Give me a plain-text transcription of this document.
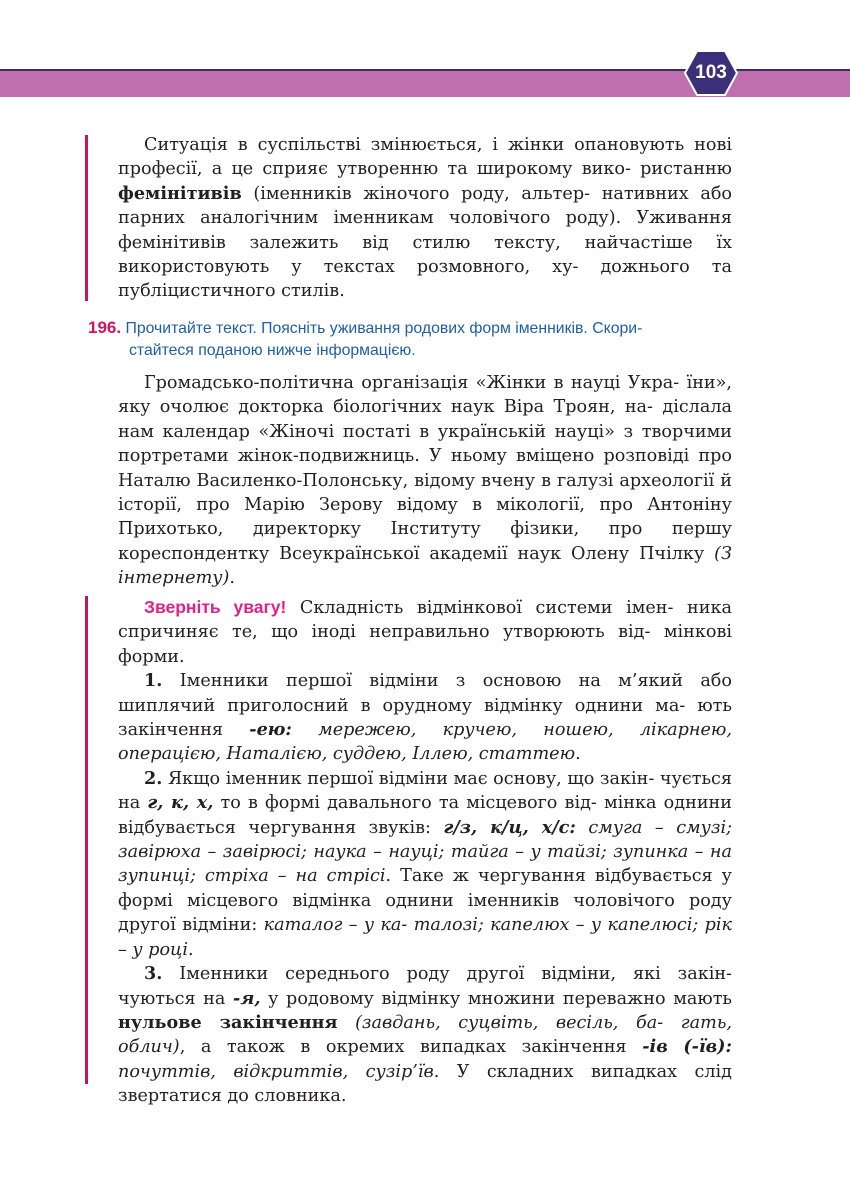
103

Ситуація в суспільстві змінюється, і жінки опановують нові професії, а це сприяє утворенню та широкому вико- ристанню фемінітивів (іменників жіночого роду, альтер- нативних або парних аналогічним іменникам чоловічого роду). Уживання фемінітивів залежить від стилю тексту, найчастіше їх використовують у текстах розмовного, ху- дожнього та публіцистичного стилів.

196. Прочитайте текст. Поясніть уживання родових форм іменників. Скори-
стайтеся поданою нижче інформацією.

Громадсько-політична організація «Жінки в науці Укра- їни», яку очолює докторка біологічних наук Віра Троян, на- діслала нам календар «Жіночі постаті в українській науці» з творчими портретами жінок-подвижниць. У ньому вміщено розповіді про Наталю Василенко-Полонську, відому вчену в галузі археології й історії, про Марію Зерову відому в мікології, про Антоніну Прихотько, директорку Інституту фізики, про першу кореспондентку Всеукраїнської академії наук Олену Пчілку (З інтернету).

Зверніть увагу! Складність відмінкової системи імен- ника спричиняє те, що іноді неправильно утворюють від- мінкові форми.

1. Іменники першої відміни з основою на м’який або шиплячий приголосний в орудному відмінку однини ма- ють закінчення -ею: мережею, кручею, ношею, лікарнею, операцією, Наталією, суддею, Іллею, статтею.

2. Якщо іменник першої відміни має основу, що закін- чується на г, к, х, то в формі давального та місцевого від- мінка однини відбувається чергування звуків: г/з, к/ц, х/с: смуга – смузі; завірюха – завірюсі; наука – науці; тайга – у тайзі; зупинка – на зупинці; стріха – на стрісі. Таке ж чергування відбувається у формі місцевого відмінка однини іменників чоловічого роду другої відміни: каталог – у ка- талозі; капелюх – у капелюсі; рік – у році.

3. Іменники середнього роду другої відміни, які закін- чуються на -я, у родовому відмінку множини переважно мають нульове закінчення (завдань, суцвіть, весіль, ба- гать, облич), а також в окремих випадках закінчення -ів (-їв): почуттів, відкриттів, сузір’їв. У складних випадках слід звертатися до словника.
